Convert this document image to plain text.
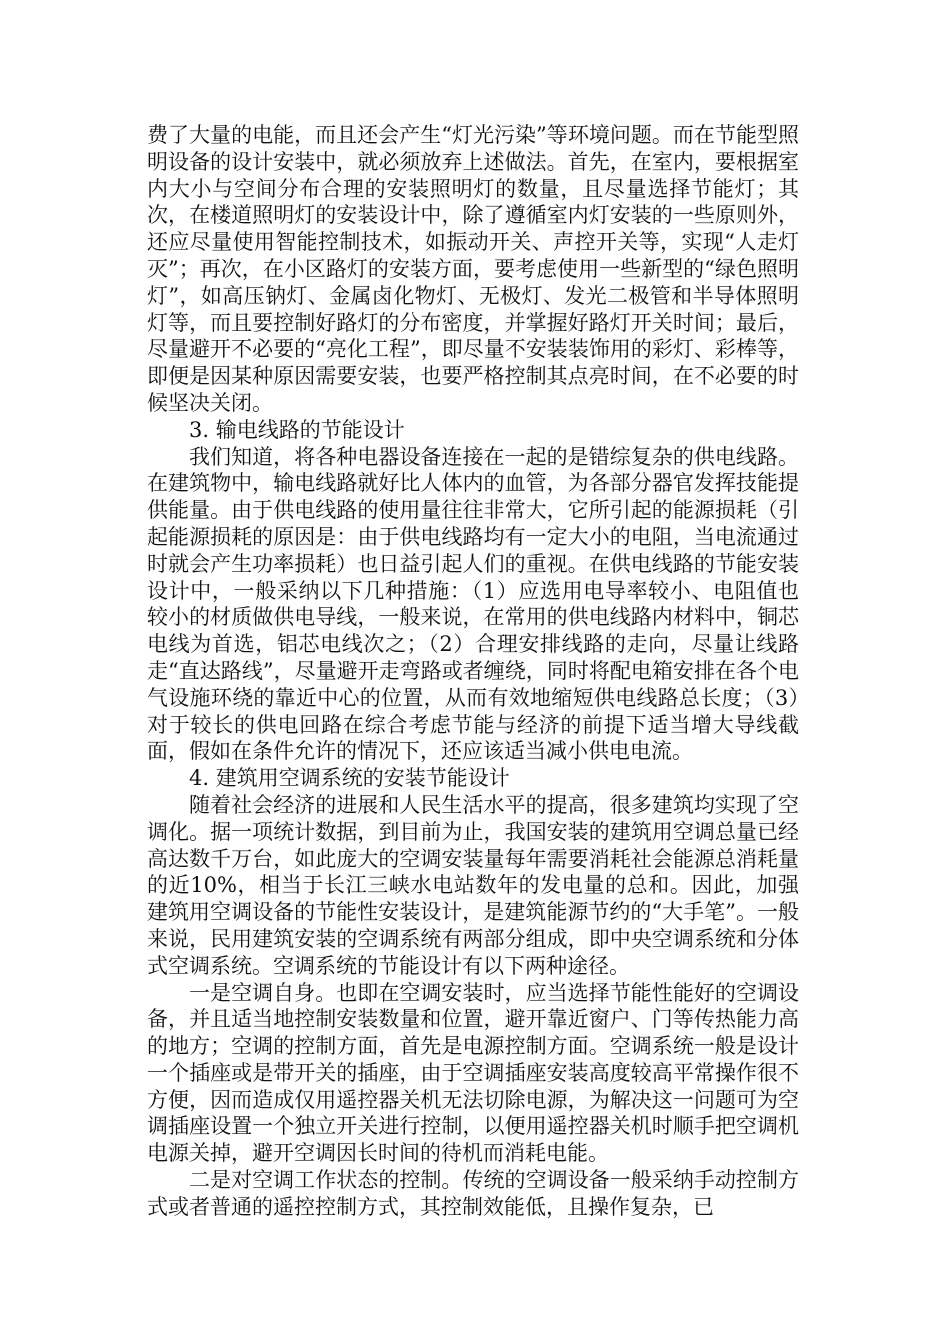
费了大量的电能，而且还会产生“灯光污染”等环境问题。而在节能型照明设备的设计安装中，就必须放弃上述做法。首先，在室内，要根据室内大小与空间分布合理的安装照明灯的数量，且尽量选择节能灯；其次，在楼道照明灯的安装设计中，除了遵循室内灯安装的一些原则外，还应尽量使用智能控制技术，如振动开关、声控开关等，实现“人走灯灭”；再次，在小区路灯的安装方面，要考虑使用一些新型的“绿色照明灯”，如高压钠灯、金属卤化物灯、无极灯、发光二极管和半导体照明灯等，而且要控制好路灯的分布密度，并掌握好路灯开关时间；最后，尽量避开不必要的“亮化工程”，即尽量不安装装饰用的彩灯、彩棒等，即便是因某种原因需要安装，也要严格控制其点亮时间，在不必要的时候坚决关闭。

3. 输电线路的节能设计

我们知道，将各种电器设备连接在一起的是错综复杂的供电线路。在建筑物中，输电线路就好比人体内的血管，为各部分器官发挥技能提供能量。由于供电线路的使用量往往非常大，它所引起的能源损耗（引起能源损耗的原因是：由于供电线路均有一定大小的电阻，当电流通过时就会产生功率损耗）也日益引起人们的重视。在供电线路的节能安装设计中，一般采纳以下几种措施：（1）应选用电导率较小、电阻值也较小的材质做供电导线，一般来说，在常用的供电线路内材料中，铜芯电线为首选，铝芯电线次之；（2）合理安排线路的走向，尽量让线路走“直达路线”，尽量避开走弯路或者缠绕，同时将配电箱安排在各个电气设施环绕的靠近中心的位置，从而有效地缩短供电线路总长度；（3）对于较长的供电回路在综合考虑节能与经济的前提下适当增大导线截面，假如在条件允许的情况下，还应该适当减小供电电流。

4. 建筑用空调系统的安装节能设计

随着社会经济的进展和人民生活水平的提高，很多建筑均实现了空调化。据一项统计数据，到目前为止，我国安装的建筑用空调总量已经高达数千万台，如此庞大的空调安装量每年需要消耗社会能源总消耗量的近10%，相当于长江三峡水电站数年的发电量的总和。因此，加强建筑用空调设备的节能性安装设计，是建筑能源节约的“大手笔”。一般来说，民用建筑安装的空调系统有两部分组成，即中央空调系统和分体式空调系统。空调系统的节能设计有以下两种途径。

一是空调自身。也即在空调安装时，应当选择节能性能好的空调设备，并且适当地控制安装数量和位置，避开靠近窗户、门等传热能力高的地方；空调的控制方面，首先是电源控制方面。空调系统一般是设计一个插座或是带开关的插座，由于空调插座安装高度较高平常操作很不方便，因而造成仅用遥控器关机无法切除电源，为解决这一问题可为空调插座设置一个独立开关进行控制，以便用遥控器关机时顺手把空调机电源关掉，避开空调因长时间的待机而消耗电能。

二是对空调工作状态的控制。传统的空调设备一般采纳手动控制方式或者普通的遥控控制方式，其控制效能低，且操作复杂，已
